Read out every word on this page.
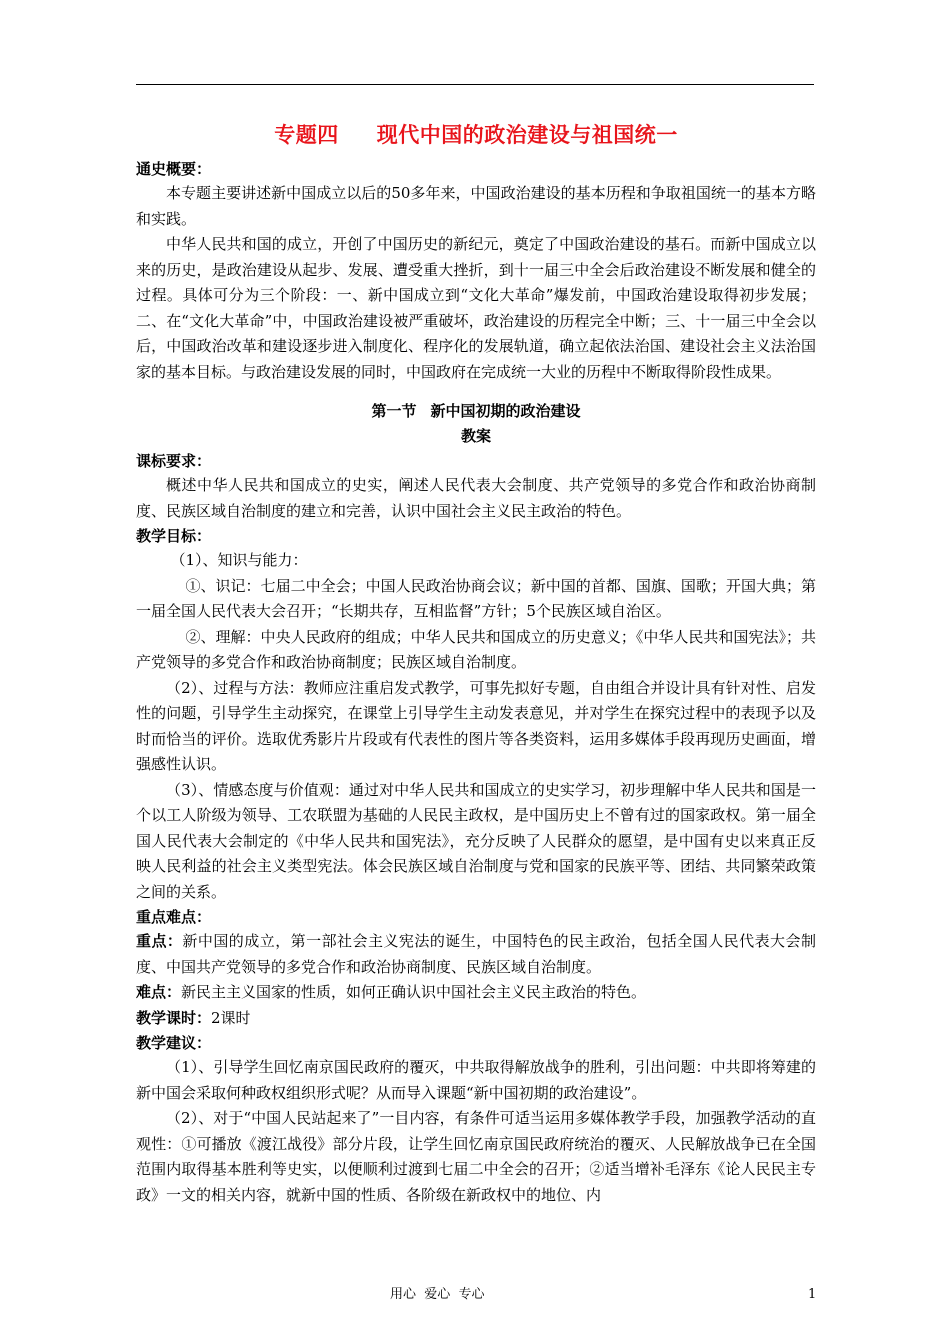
专题四 现代中国的政治建设与祖国统一

通史概要：

本专题主要讲述新中国成立以后的50多年来，中国政治建设的基本历程和争取祖国统一的基本方略和实践。

中华人民共和国的成立，开创了中国历史的新纪元，奠定了中国政治建设的基石。而新中国成立以来的历史，是政治建设从起步、发展、遭受重大挫折，到十一届三中全会后政治建设不断发展和健全的过程。具体可分为三个阶段：一、新中国成立到“文化大革命”爆发前，中国政治建设取得初步发展；二、在“文化大革命”中，中国政治建设被严重破坏，政治建设的历程完全中断；三、十一届三中全会以后，中国政治改革和建设逐步进入制度化、程序化的发展轨道，确立起依法治国、建设社会主义法治国家的基本目标。与政治建设发展的同时，中国政府在完成统一大业的历程中不断取得阶段性成果。

第一节 新中国初期的政治建设

教案

课标要求：

概述中华人民共和国成立的史实，阐述人民代表大会制度、共产党领导的多党合作和政治协商制度、民族区域自治制度的建立和完善，认识中国社会主义民主政治的特色。

教学目标：

（1）、知识与能力：

①、识记：七届二中全会；中国人民政治协商会议；新中国的首都、国旗、国歌；开国大典；第一届全国人民代表大会召开；“长期共存，互相监督”方针；5个民族区域自治区。

②、理解：中央人民政府的组成；中华人民共和国成立的历史意义；《中华人民共和国宪法》；共产党领导的多党合作和政治协商制度；民族区域自治制度。

（2）、过程与方法：教师应注重启发式教学，可事先拟好专题，自由组合并设计具有针对性、启发性的问题，引导学生主动探究，在课堂上引导学生主动发表意见，并对学生在探究过程中的表现予以及时而恰当的评价。选取优秀影片片段或有代表性的图片等各类资料，运用多媒体手段再现历史画面，增强感性认识。

（3）、情感态度与价值观：通过对中华人民共和国成立的史实学习，初步理解中华人民共和国是一个以工人阶级为领导、工农联盟为基础的人民民主政权，是中国历史上不曾有过的国家政权。第一届全国人民代表大会制定的《中华人民共和国宪法》，充分反映了人民群众的愿望，是中国有史以来真正反映人民利益的社会主义类型宪法。体会民族区域自治制度与党和国家的民族平等、团结、共同繁荣政策之间的关系。

重点难点：

重点：新中国的成立，第一部社会主义宪法的诞生，中国特色的民主政治，包括全国人民代表大会制度、中国共产党领导的多党合作和政治协商制度、民族区域自治制度。

难点：新民主主义国家的性质，如何正确认识中国社会主义民主政治的特色。

教学课时：2课时

教学建议：

（1）、引导学生回忆南京国民政府的覆灭，中共取得解放战争的胜利，引出问题：中共即将筹建的新中国会采取何种政权组织形式呢？从而导入课题“新中国初期的政治建设”。

（2）、对于“中国人民站起来了”一目内容，有条件可适当运用多媒体教学手段，加强教学活动的直观性：①可播放《渡江战役》部分片段，让学生回忆南京国民政府统治的覆灭、人民解放战争已在全国范围内取得基本胜利等史实，以便顺利过渡到七届二中全会的召开；②适当增补毛泽东《论人民民主专政》一文的相关内容，就新中国的性质、各阶级在新政权中的地位、内

用心  爱心  专心	1
